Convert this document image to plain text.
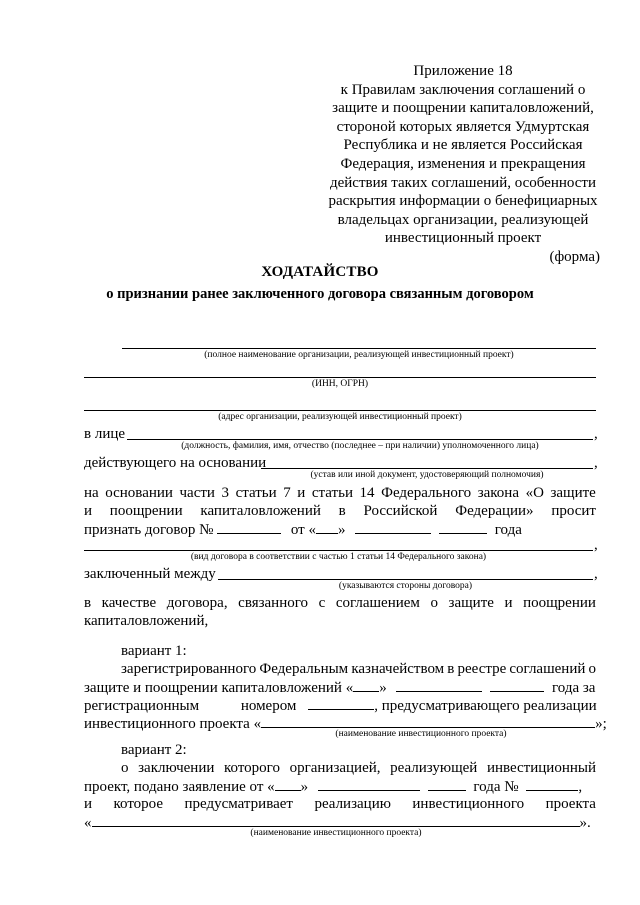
Приложение 18
к Правилам заключения соглашений о
защите и поощрении капиталовложений,
стороной которых является Удмуртская
Республика и не является Российская
Федерация, изменения и прекращения
действия таких соглашений, особенности
раскрытия информации о бенефициарных
владельцах организации, реализующей
инвестиционный проект
(форма)
ХОДАТАЙСТВО
о признании ранее заключенного договора связанным договором
(полное наименование организации, реализующей инвестиционный проект)
(ИНН, ОГРН)
(адрес организации, реализующей инвестиционный проект)
в лице	,
(должность, фамилия, имя, отчество (последнее – при наличии) уполномоченного лица)
действующего на основании	,
(устав или иной документ, удостоверяющий полномочия)
на основании части 3 статьи 7 и статьи 14 Федерального закона «О защите
и поощрении капиталовложений в Российской Федерации» просит
признать договор №	от « »	года
,
(вид договора в соответствии с частью 1 статьи 14 Федерального закона)
заключенный между	,
(указываются стороны договора)
в качестве договора, связанного с соглашением о защите и поощрении
капиталовложений,
вариант 1:
зарегистрированного Федеральным казначейством в реестре соглашений о
защите и поощрении капиталовложений « »	года за
регистрационным	номером	, предусматривающего реализации
инвестиционного проекта «	»;
(наименование инвестиционного проекта)
вариант 2:
о заключении которого организацией, реализующей инвестиционный
проект, подано заявление от « »	года №	,
и которое предусматривает реализацию инвестиционного проекта
«	».
(наименование инвестиционного проекта)
